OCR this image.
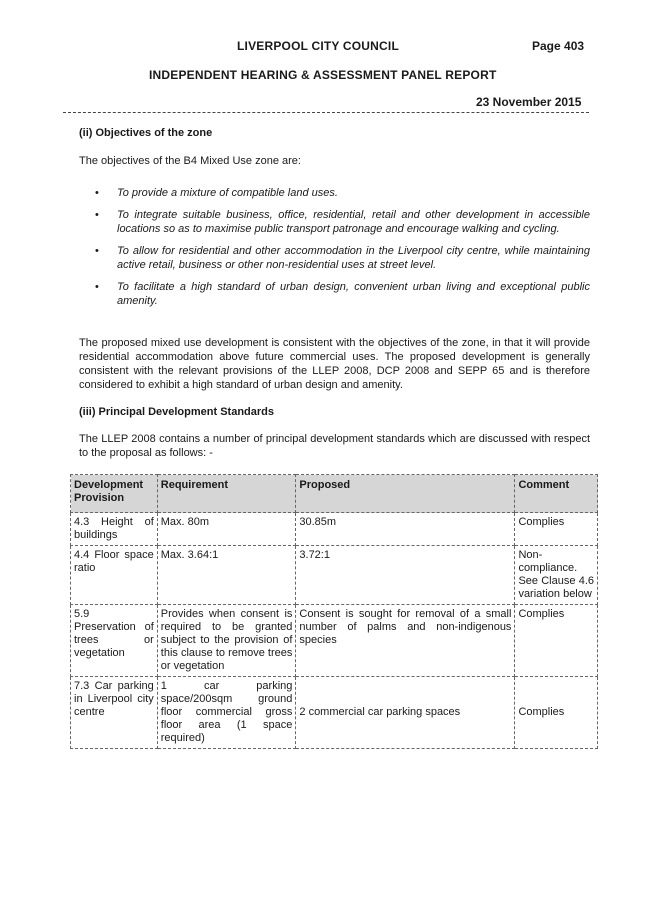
LIVERPOOL CITY COUNCIL	Page 403
INDEPENDENT HEARING & ASSESSMENT PANEL REPORT
23 November 2015
(ii) Objectives of the zone
The objectives of the B4 Mixed Use zone are:
• To provide a mixture of compatible land uses.
• To integrate suitable business, office, residential, retail and other development in accessible locations so as to maximise public transport patronage and encourage walking and cycling.
• To allow for residential and other accommodation in the Liverpool city centre, while maintaining active retail, business or other non-residential uses at street level.
• To facilitate a high standard of urban design, convenient urban living and exceptional public amenity.
The proposed mixed use development is consistent with the objectives of the zone, in that it will provide residential accommodation above future commercial uses. The proposed development is generally consistent with the relevant provisions of the LLEP 2008, DCP 2008 and SEPP 65 and is therefore considered to exhibit a high standard of urban design and amenity.
(iii) Principal Development Standards
The LLEP 2008 contains a number of principal development standards which are discussed with respect to the proposal as follows: -
Development Provision	Requirement	Proposed	Comment
4.3 Height of buildings	Max. 80m	30.85m	Complies
4.4 Floor space ratio	Max. 3.64:1	3.72:1	Non-compliance. See Clause 4.6 variation below
5.9 Preservation of trees or vegetation	Provides when consent is required to be granted subject to the provision of this clause to remove trees or vegetation	Consent is sought for removal of a small number of palms and non-indigenous species	Complies
7.3 Car parking in Liverpool city centre	1 car parking space/200sqm ground floor commercial gross floor area (1 space required)	2 commercial car parking spaces	Complies
